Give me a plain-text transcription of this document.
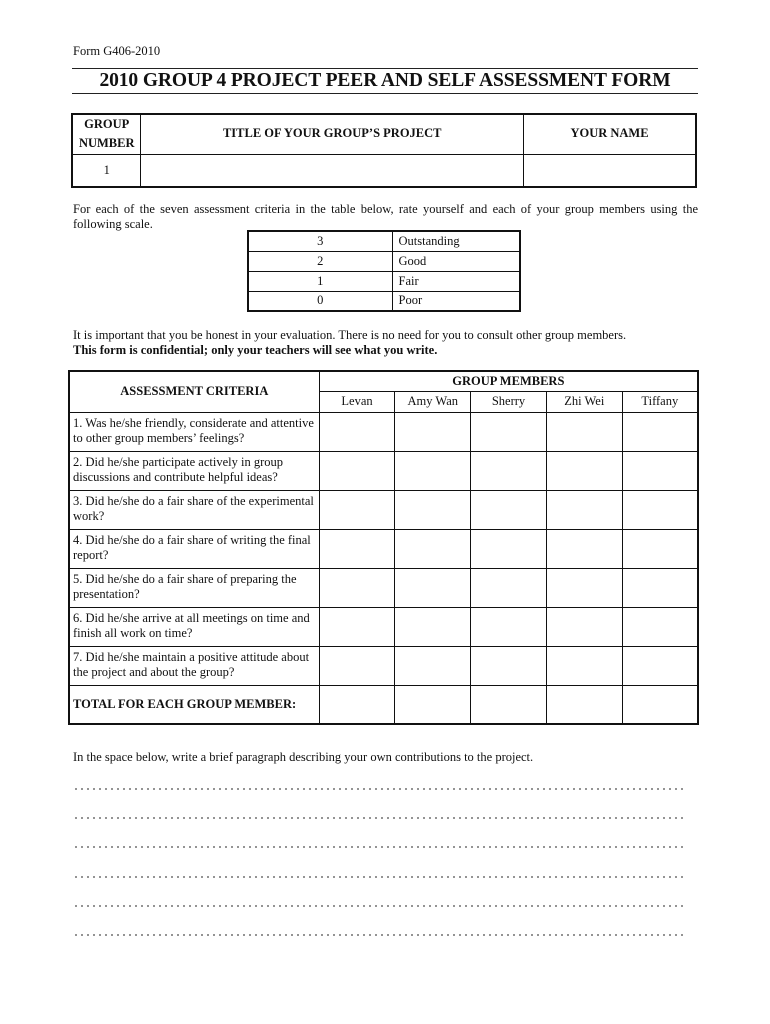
Form G406-2010
2010 GROUP 4 PROJECT PEER AND SELF ASSESSMENT FORM
GROUP
NUMBER	TITLE OF YOUR GROUP’S PROJECT	YOUR NAME
1		
For each of the seven assessment criteria in the table below, rate yourself and each of your group members using the following scale.
3	Outstanding
2	Good
1	Fair
0	Poor
It is important that you be honest in your evaluation. There is no need for you to consult other group members.
This form is confidential; only your teachers will see what you write.
ASSESSMENT CRITERIA	GROUP MEMBERS				
	Levan	Amy Wan	Sherry	Zhi Wei	Tiffany
1. Was he/she friendly, considerate and attentive to other group members’ feelings?					
2. Did he/she participate actively in group discussions and contribute helpful ideas?					
3. Did he/she do a fair share of the experimental work?					
4. Did he/she do a fair share of writing the final report?					
5. Did he/she do a fair share of preparing the presentation?					
6. Did he/she arrive at all meetings on time and finish all work on time?					
7. Did he/she maintain a positive attitude about the project and about the group?					
TOTAL FOR EACH GROUP MEMBER:					
In the space below, write a brief paragraph describing your own contributions to the project.
